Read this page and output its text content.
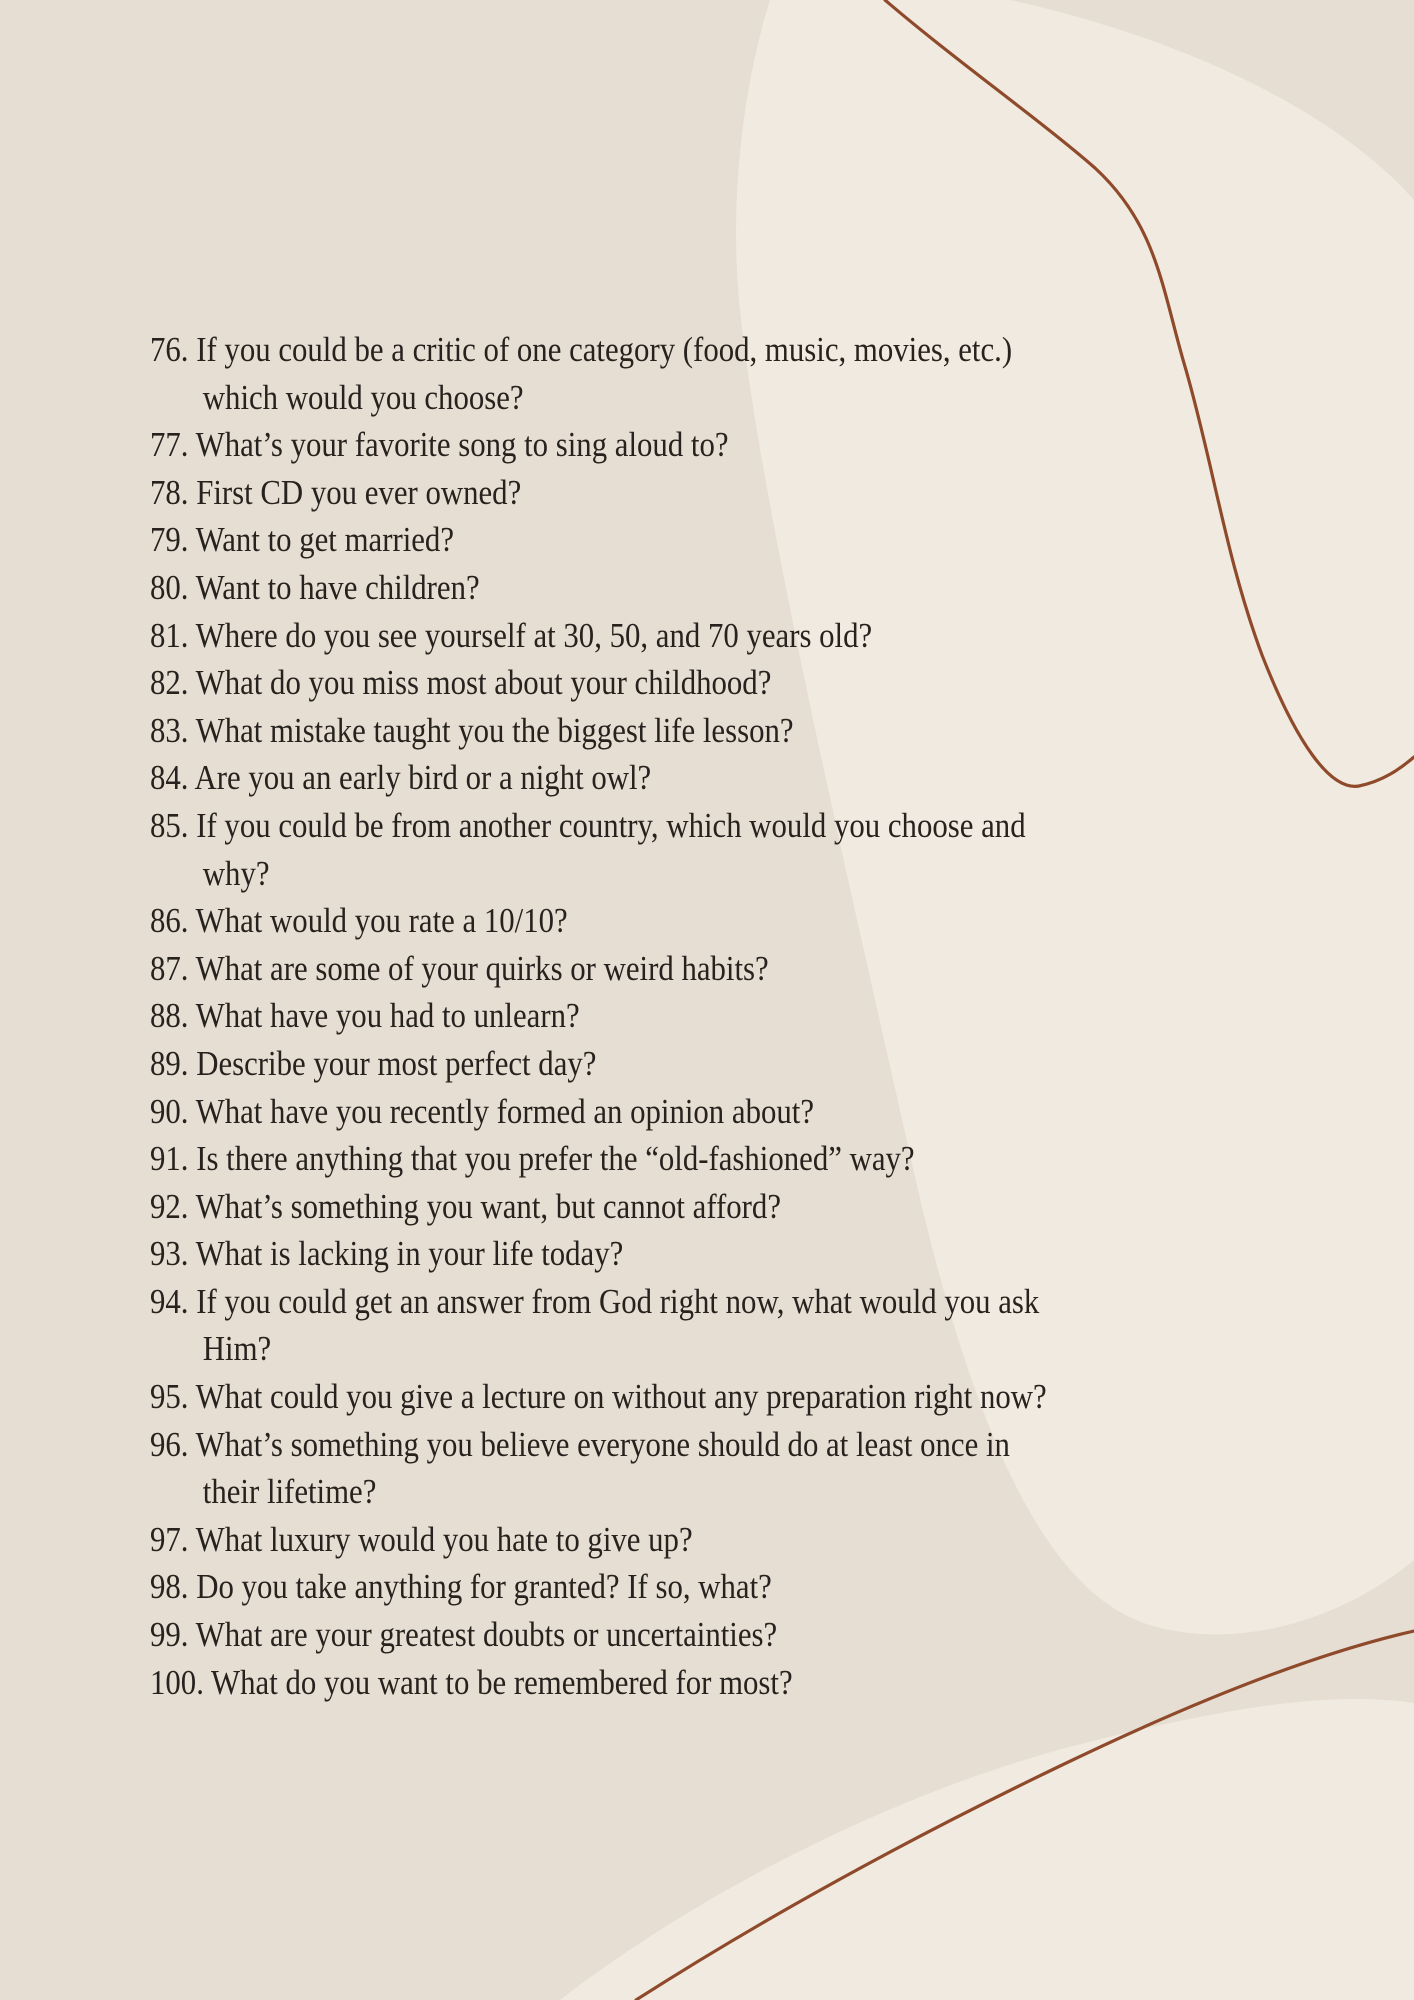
76. If you could be a critic of one category (food, music, movies, etc.)
which would you choose?
77. What’s your favorite song to sing aloud to?
78. First CD you ever owned?
79. Want to get married?
80. Want to have children?
81. Where do you see yourself at 30, 50, and 70 years old?
82. What do you miss most about your childhood?
83. What mistake taught you the biggest life lesson?
84. Are you an early bird or a night owl?
85. If you could be from another country, which would you choose and
why?
86. What would you rate a 10/10?
87. What are some of your quirks or weird habits?
88. What have you had to unlearn?
89. Describe your most perfect day?
90. What have you recently formed an opinion about?
91. Is there anything that you prefer the “old-fashioned” way?
92. What’s something you want, but cannot afford?
93. What is lacking in your life today?
94. If you could get an answer from God right now, what would you ask
Him?
95. What could you give a lecture on without any preparation right now?
96. What’s something you believe everyone should do at least once in
their lifetime?
97. What luxury would you hate to give up?
98. Do you take anything for granted? If so, what?
99. What are your greatest doubts or uncertainties?
100. What do you want to be remembered for most?
